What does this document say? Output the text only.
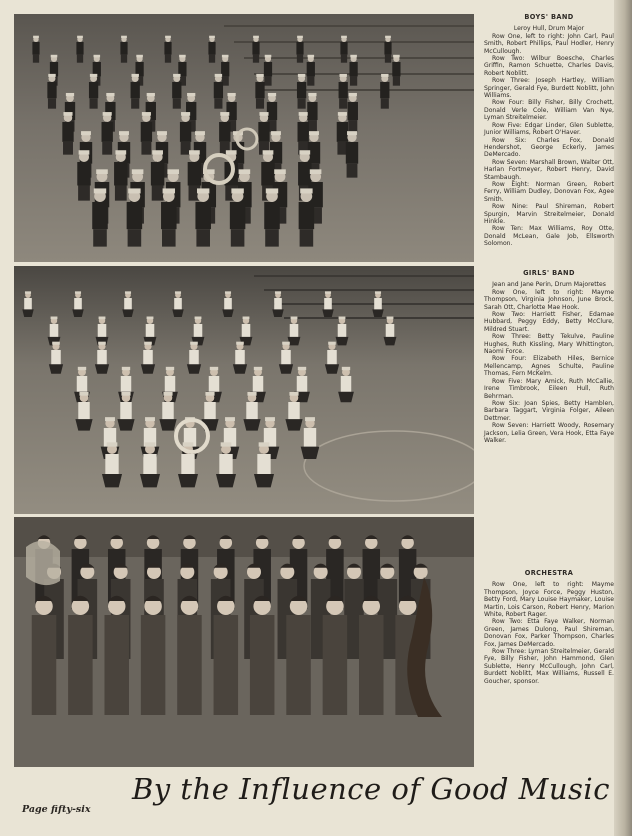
BOYS' BAND
Leroy Hull, Drum Major

Row One, left to right: John Carl, Paul Smith, Robert Phillips, Paul Hodler, Henry McCullough.

Row Two: Wilbur Boesche, Charles Griffin, Ramon Schuette, Charles Davis, Robert Noblitt.

Row Three: Joseph Hartley, William Springer, Gerald Fye, Burdett Noblitt, John Williams.

Row Four: Billy Fisher, Billy Crochett, Donald Verle Cole, William Van Nye, Lyman Streitelmeier.

Row Five: Edgar Linder, Glen Sublette, Junior Williams, Robert O'Haver.

Row Six: Charles Fox, Donald Hendershot, George Eckerly, James DeMercado.

Row Seven: Marshall Brown, Walter Ott, Harlan Fortmeyer, Robert Henry, David Stambaugh.

Row Eight: Norman Green, Robert Ferry, William Dudley, Donovan Fox, Agee Smith.

Row Nine: Paul Shireman, Robert Spurgin, Marvin Streitelmeier, Donald Hinkle.

Row Ten: Max Williams, Roy Otte, Donald McLean, Gale Job, Ellsworth Solomon.

GIRLS' BAND
Jean and Jane Perin, Drum Majorettes

Row One, left to right: Mayme Thompson, Virginia Johnson, June Brock, Sarah Ott, Charlotte Mae Hook.

Row Two: Harriett Fisher, Edamae Hubbard, Peggy Eddy, Betty McClure, Mildred Stuart.

Row Three: Betty Tekulve, Pauline Hughes, Ruth Kissling, Mary Whittington, Naomi Force.

Row Four: Elizabeth Hiles, Bernice Mellencamp, Agnes Schulte, Pauline Thomas, Fern McKelm.

Row Five: Mary Amick, Ruth McCallie, Irene Timbrook, Eileen Hull, Ruth Behrman.

Row Six: Joan Spies, Betty Hamblen, Barbara Taggart, Virginia Folger, Aileen Dettmer.

Row Seven: Harriett Woody, Rosemary Jackson, Lelia Green, Vera Hook, Etta Faye Walker.

ORCHESTRA

Row One, left to right: Mayme Thompson, Joyce Force, Peggy Huston, Betty Ford, Mary Louise Haymaker, Louise Martin, Lois Carson, Robert Henry, Marion White, Robert Rager.

Row Two: Etta Faye Walker, Norman Green, James Dulong, Paul Shireman, Donovan Fox, Parker Thompson, Charles Fox, James DeMercado.

Row Three: Lyman Streitelmeier, Gerald Fye, Billy Fisher, John Hammond, Glen Sublette, Henry McCullough, John Carl, Burdett Noblitt, Max Williams, Russell E. Goucher, sponsor.

Page fifty-six
By the Influence of Good Music
